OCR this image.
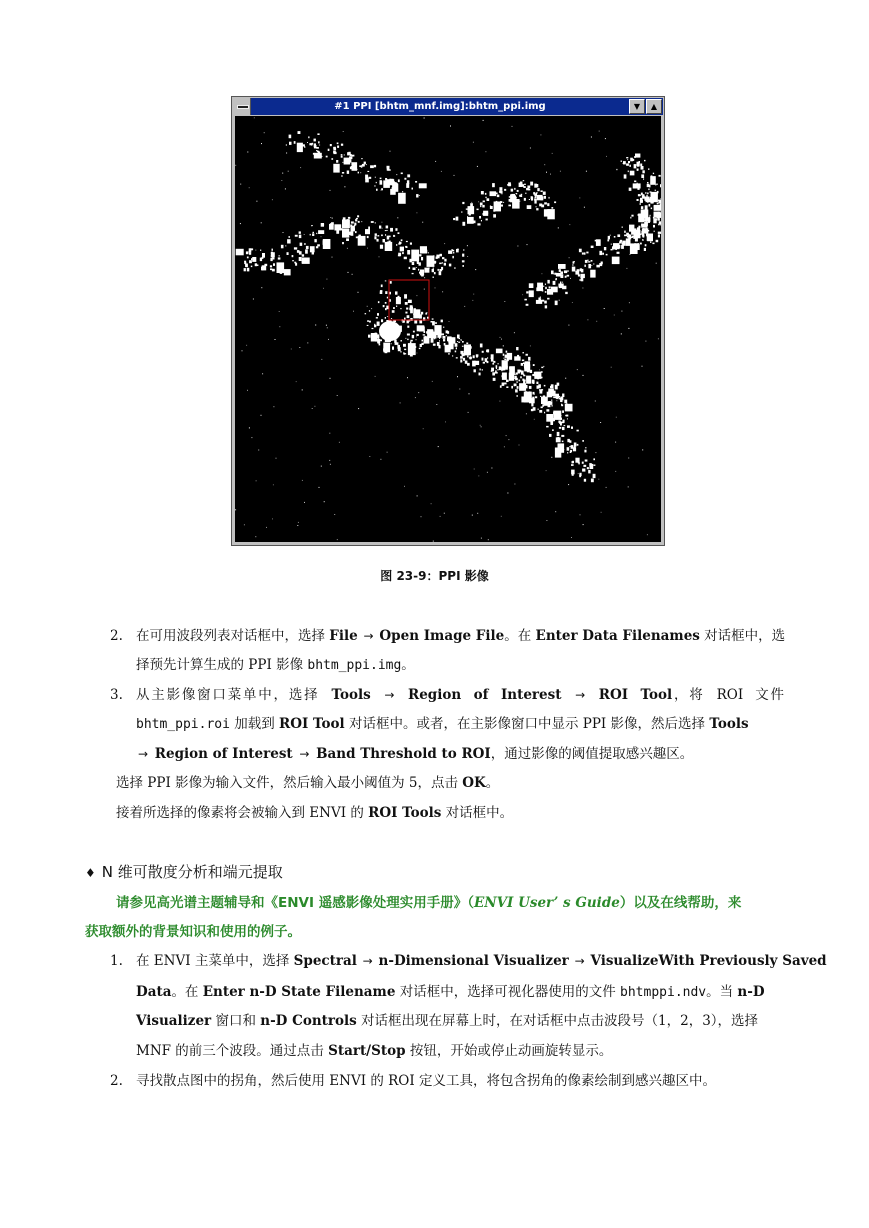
#1 PPI [bhtm_mnf.img]:bhtm_ppi.img	▼	▲
图 23-9：PPI 影像
2. 在可用波段列表对话框中，选择 File → Open Image File。在 Enter Data Filenames 对话框中，选
择预先计算生成的 PPI 影像 bhtm_ppi.img。
3. 从主影像窗口菜单中，选择 Tools → Region of Interest → ROI Tool，将 ROI 文件
bhtm_ppi.roi 加载到 ROI Tool 对话框中。或者，在主影像窗口中显示 PPI 影像，然后选择 Tools
→ Region of Interest → Band Threshold to ROI，通过影像的阈值提取感兴趣区。
选择 PPI 影像为输入文件，然后输入最小阈值为 5，点击 OK。
接着所选择的像素将会被输入到 ENVI 的 ROI Tools 对话框中。
♦ N 维可散度分析和端元提取
请参见高光谱主题辅导和《ENVI 遥感影像处理实用手册》（ENVI User’ s Guide）以及在线帮助，来
获取额外的背景知识和使用的例子。
1. 在 ENVI 主菜单中，选择 Spectral → n-Dimensional Visualizer → VisualizeWith Previously Saved
Data。在 Enter n-D State Filename 对话框中，选择可视化器使用的文件 bhtmppi.ndv。当 n-D
Visualizer 窗口和 n-D Controls 对话框出现在屏幕上时，在对话框中点击波段号（1，2，3），选择
MNF 的前三个波段。通过点击 Start/Stop 按钮，开始或停止动画旋转显示。
2. 寻找散点图中的拐角，然后使用 ENVI 的 ROI 定义工具，将包含拐角的像素绘制到感兴趣区中。
